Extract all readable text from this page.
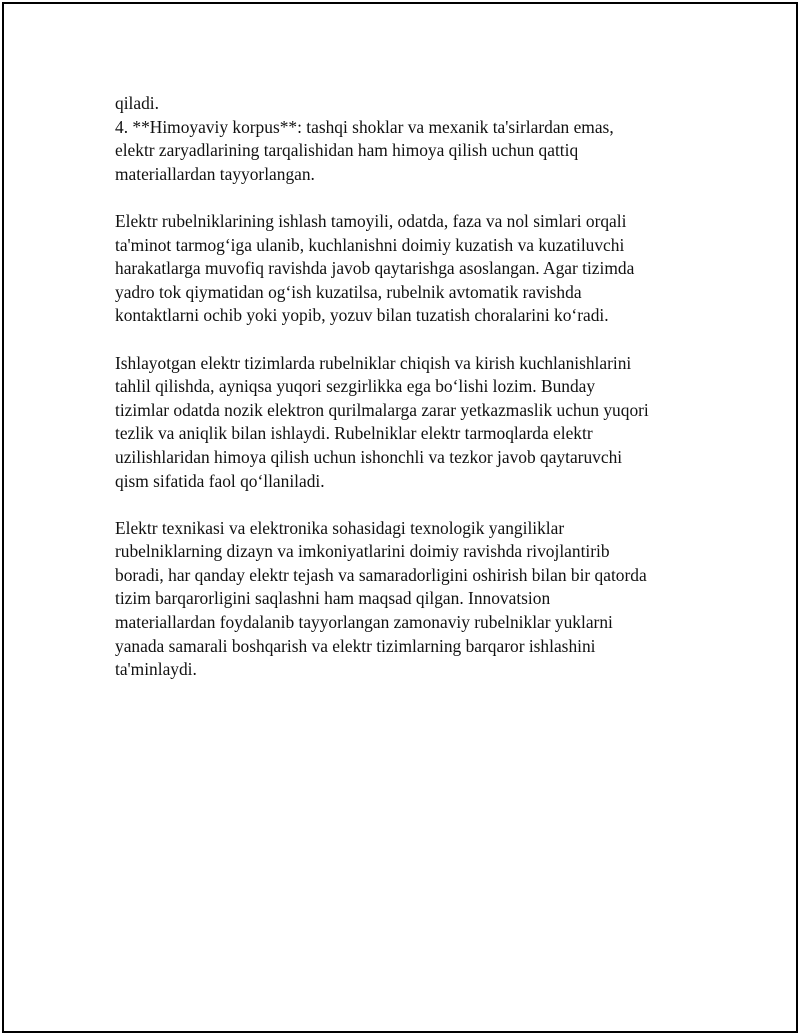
qiladi.
4. **Himoyaviy korpus**: tashqi shoklar va mexanik ta'sirlardan emas,
elektr zaryadlarining tarqalishidan ham himoya qilish uchun qattiq
materiallardan tayyorlangan.
Elektr rubelniklarining ishlash tamoyili, odatda, faza va nol simlari orqali
ta'minot tarmog‘iga ulanib, kuchlanishni doimiy kuzatish va kuzatiluvchi
harakatlarga muvofiq ravishda javob qaytarishga asoslangan. Agar tizimda
yadro tok qiymatidan og‘ish kuzatilsa, rubelnik avtomatik ravishda
kontaktlarni ochib yoki yopib, yozuv bilan tuzatish choralarini ko‘radi.
Ishlayotgan elektr tizimlarda rubelniklar chiqish va kirish kuchlanishlarini
tahlil qilishda, ayniqsa yuqori sezgirlikka ega bo‘lishi lozim. Bunday
tizimlar odatda nozik elektron qurilmalarga zarar yetkazmaslik uchun yuqori
tezlik va aniqlik bilan ishlaydi. Rubelniklar elektr tarmoqlarda elektr
uzilishlaridan himoya qilish uchun ishonchli va tezkor javob qaytaruvchi
qism sifatida faol qo‘llaniladi.
Elektr texnikasi va elektronika sohasidagi texnologik yangiliklar
rubelniklarning dizayn va imkoniyatlarini doimiy ravishda rivojlantirib
boradi, har qanday elektr tejash va samaradorligini oshirish bilan bir qatorda
tizim barqarorligini saqlashni ham maqsad qilgan. Innovatsion
materiallardan foydalanib tayyorlangan zamonaviy rubelniklar yuklarni
yanada samarali boshqarish va elektr tizimlarning barqaror ishlashini
ta'minlaydi.
